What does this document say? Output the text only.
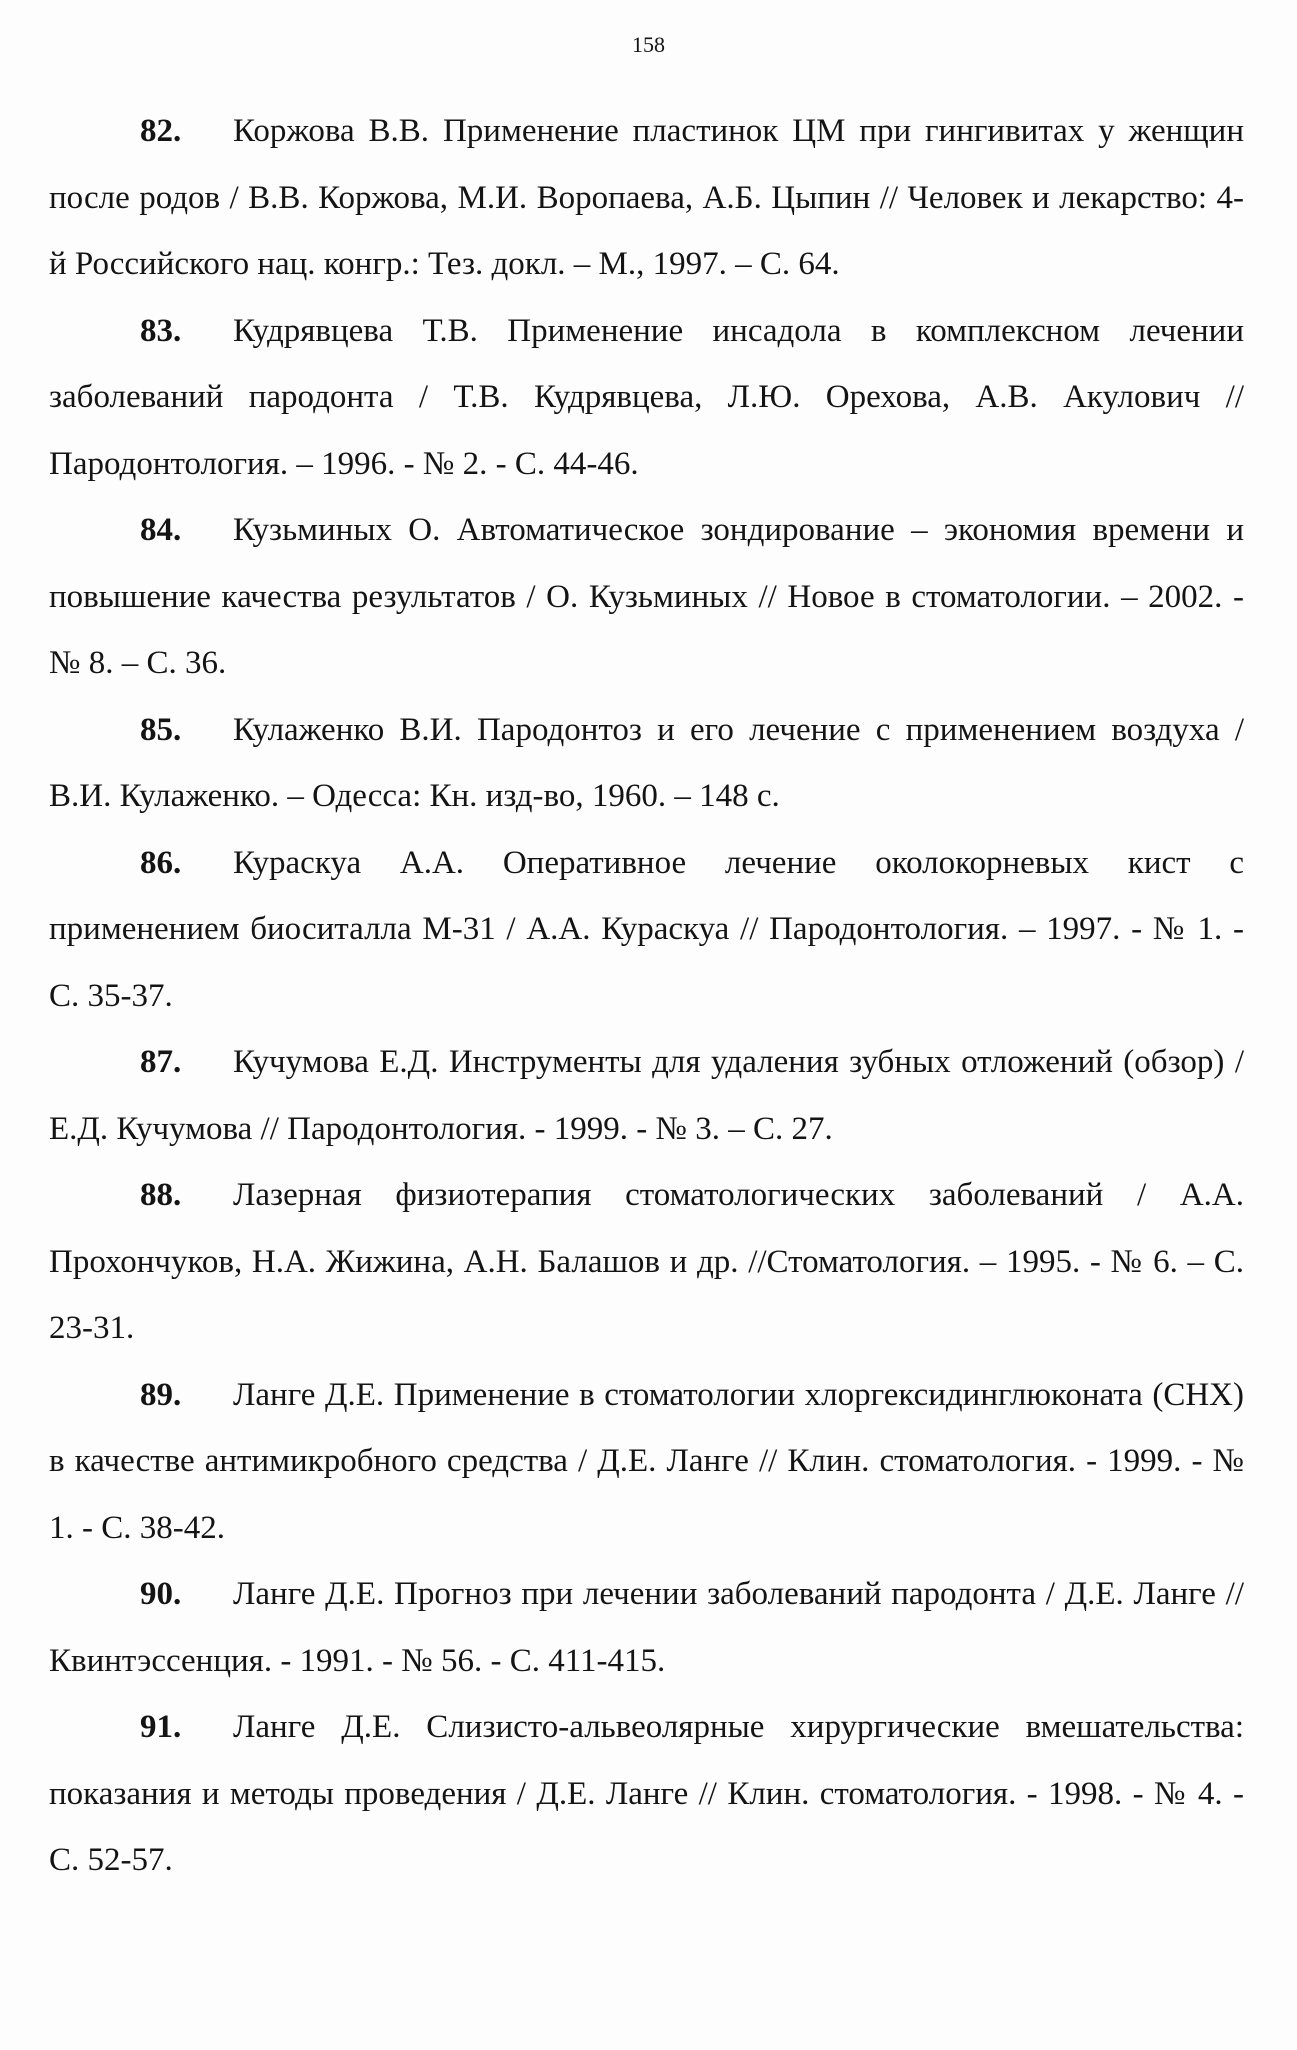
158
82. Коржова В.В. Применение пластинок ЦМ при гингивитах у женщин после родов / В.В. Коржова, М.И. Воропаева, А.Б. Цыпин // Человек и лекарство: 4-й Российского нац. конгр.: Тез. докл. – М., 1997. – С. 64.
83. Кудрявцева Т.В. Применение инсадола в комплексном лечении заболеваний пародонта / Т.В. Кудрявцева, Л.Ю. Орехова, А.В. Акулович // Пародонтология. – 1996. - № 2. - С. 44-46.
84. Кузьминых О. Автоматическое зондирование – экономия времени и повышение качества результатов / О. Кузьминых // Новое в стоматологии. – 2002. - № 8. – С. 36.
85. Кулаженко В.И. Пародонтоз и его лечение с применением воздуха / В.И. Кулаженко. – Одесса: Кн. изд-во, 1960. – 148 с.
86. Кураскуа А.А. Оперативное лечение околокорневых кист с применением биоситалла М-31 / А.А. Кураскуа // Пародонтология. – 1997. - № 1. - С. 35-37.
87. Кучумова Е.Д. Инструменты для удаления зубных отложений (обзор) / Е.Д. Кучумова // Пародонтология. - 1999. - № 3. – С. 27.
88. Лазерная физиотерапия стоматологических заболеваний / А.А. Прохончуков, Н.А. Жижина, А.Н. Балашов и др. //Стоматология. – 1995. - № 6. – С. 23-31.
89. Ланге Д.Е. Применение в стоматологии хлоргексидинглюконата (CHX) в качестве антимикробного средства / Д.Е. Ланге // Клин. стоматология. - 1999. - № 1. - С. 38-42.
90. Ланге Д.Е. Прогноз при лечении заболеваний пародонта / Д.Е. Ланге // Квинтэссенция. - 1991. - № 56. - С. 411-415.
91. Ланге Д.Е. Слизисто-альвеолярные хирургические вмешательства: показания и методы проведения / Д.Е. Ланге // Клин. стоматология. - 1998. - № 4. - С. 52-57.
